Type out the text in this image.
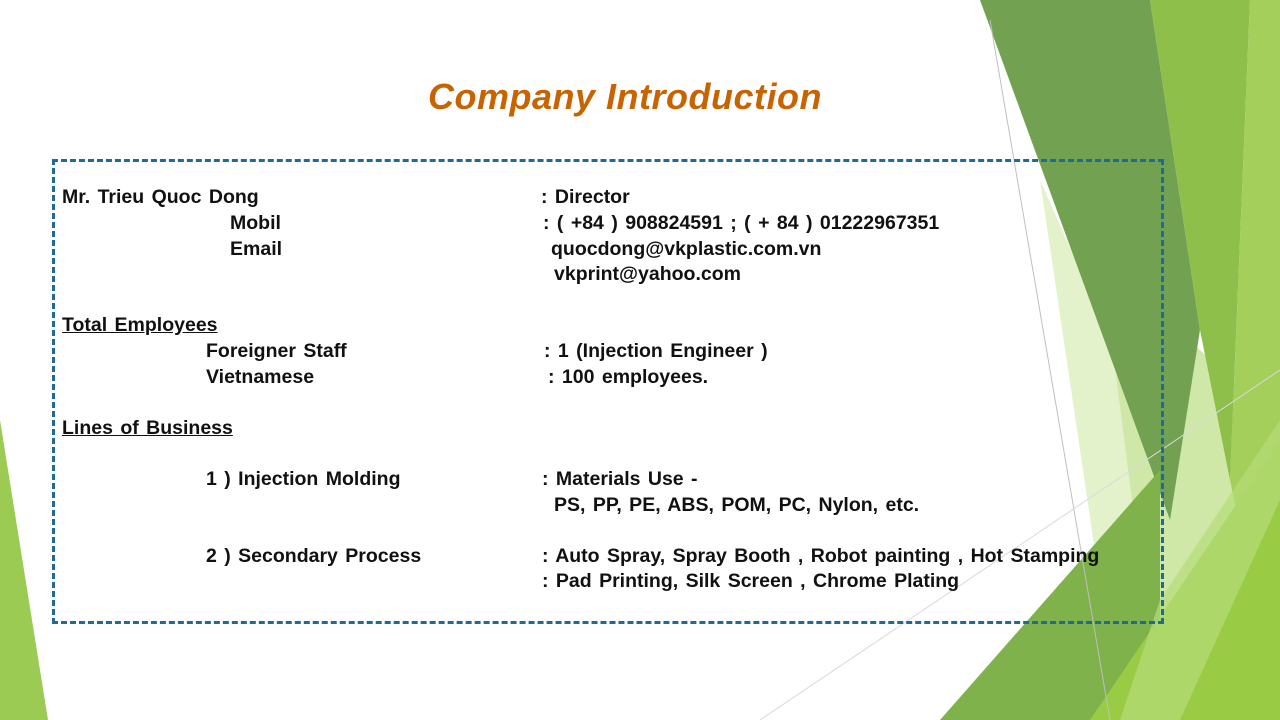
Company Introduction
Mr. Trieu Quoc Dong	: Director
Mobil	: ( +84 ) 908824591 ; ( + 84 ) 01222967351
Email	quocdong@vkplastic.com.vn
vkprint@yahoo.com
Total Employees
Foreigner Staff	: 1 (Injection Engineer )
Vietnamese	: 100 employees.
Lines of Business
1 ) Injection Molding	: Materials Use -
PS, PP, PE, ABS, POM, PC, Nylon, etc.
2 ) Secondary Process	: Auto Spray, Spray Booth , Robot painting , Hot Stamping
: Pad Printing, Silk Screen , Chrome Plating
